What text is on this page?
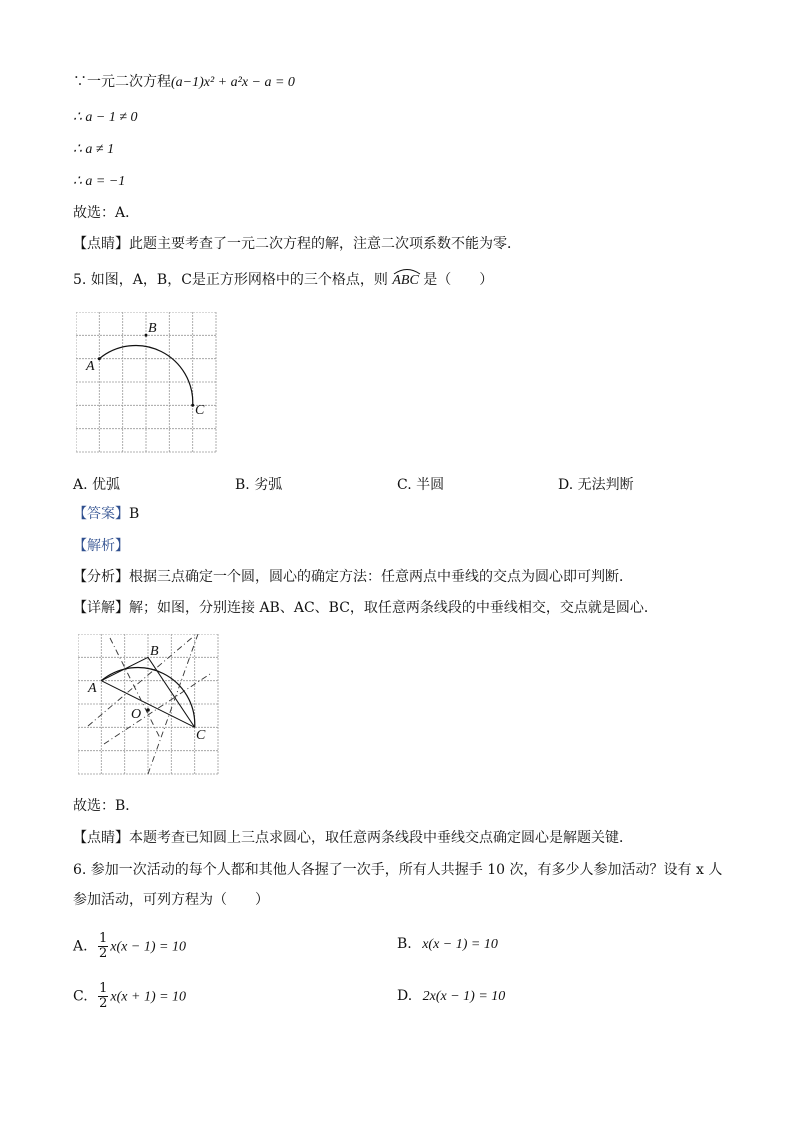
∵一元二次方程(a−1)x² + a²x − a = 0
∴ a − 1 ≠ 0
∴ a ≠ 1
∴ a = −1
故选：A．
【点睛】此题主要考查了一元二次方程的解，注意二次项系数不能为零．
5. 如图，A，B，C是正方形网格中的三个格点，则 ABC 是（　　）
A
B
C
A. 优弧	B. 劣弧	C. 半圆	D. 无法判断
【答案】B
【解析】
【分析】根据三点确定一个圆，圆心的确定方法：任意两点中垂线的交点为圆心即可判断．
【详解】解；如图，分别连接 AB、AC、BC，取任意两条线段的中垂线相交，交点就是圆心．
A
B
C
O
故选：B．
【点睛】本题考查已知圆上三点求圆心，取任意两条线段中垂线交点确定圆心是解题关键．
6. 参加一次活动的每个人都和其他人各握了一次手，所有人共握手 10 次，有多少人参加活动？设有 x 人
参加活动，可列方程为（　　）
A. $\frac{1}{2} x(x - 1) = 10$	B. x(x − 1) = 10
C. $\frac{1}{2} x(x + 1) = 10$	D. 2x(x − 1) = 10
